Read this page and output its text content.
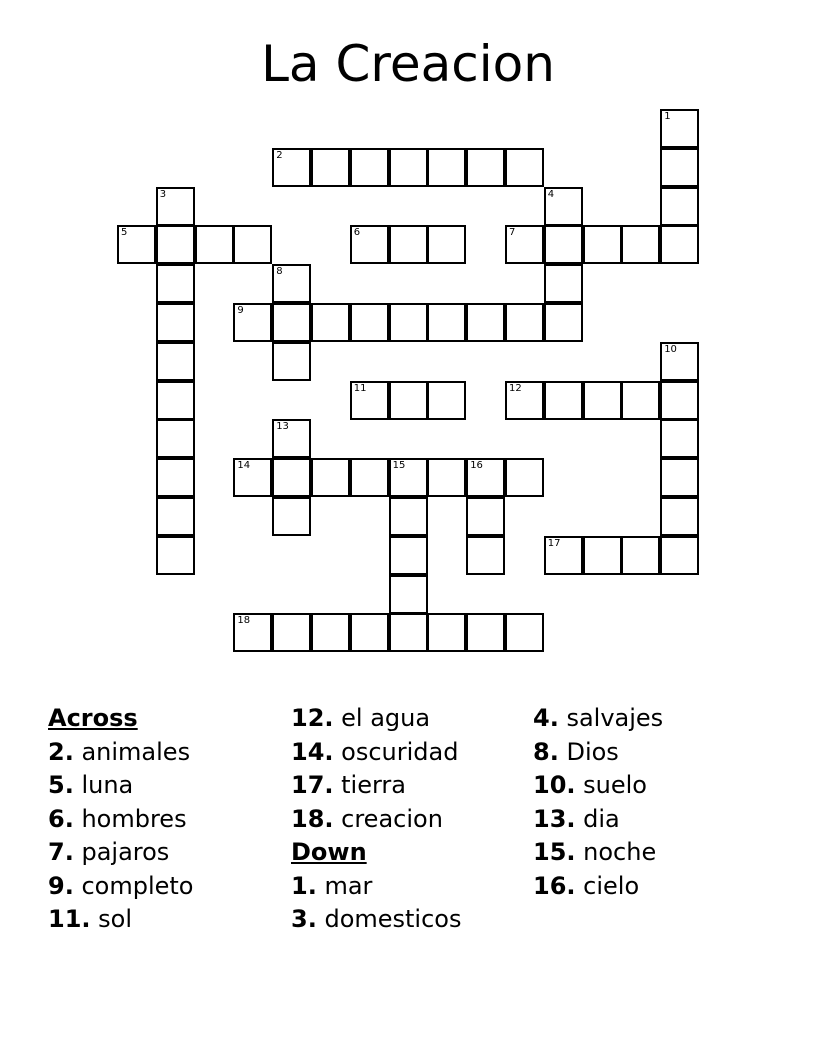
La Creacion
1
2
3	4
5	6	7
8
9
10
11	12
13
14	15	16
17
18
Across
2. animales
5. luna
6. hombres
7. pajaros
9. completo
11. sol
12. el agua
14. oscuridad
17. tierra
18. creacion
Down
1. mar
3. domesticos
4. salvajes
8. Dios
10. suelo
13. dia
15. noche
16. cielo
